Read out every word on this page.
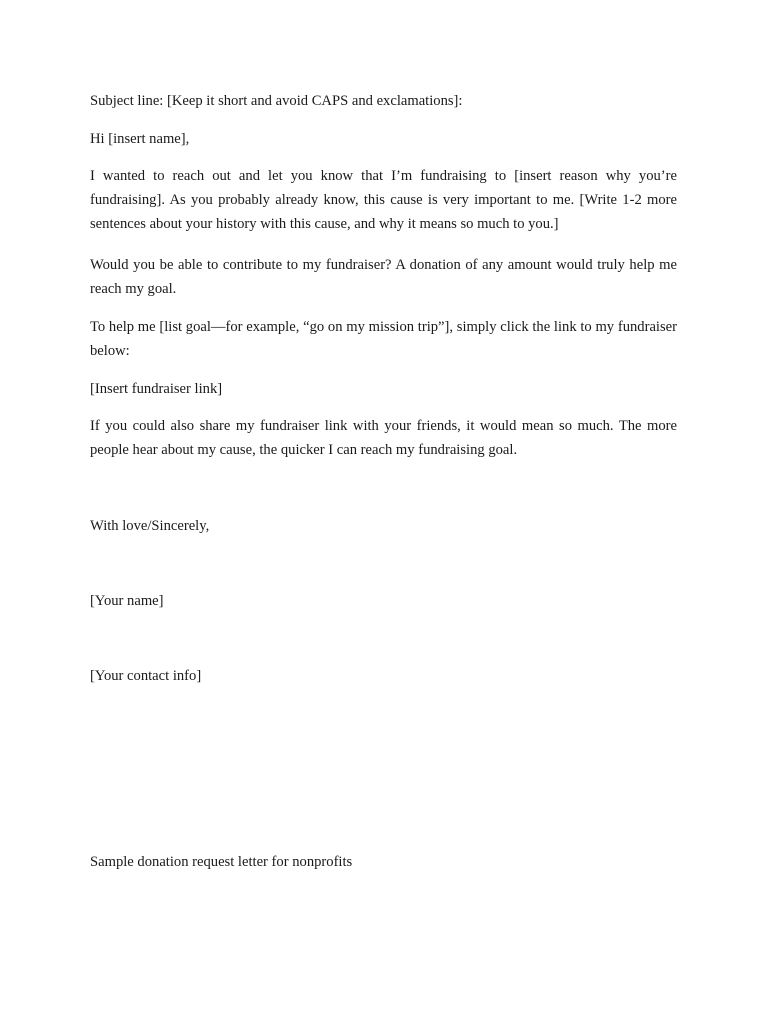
Subject line: [Keep it short and avoid CAPS and exclamations]:

Hi [insert name],

I wanted to reach out and let you know that I’m fundraising to [insert reason why you’re fundraising]. As you probably already know, this cause is very important to me. [Write 1-2 more sentences about your history with this cause, and why it means so much to you.]

Would you be able to contribute to my fundraiser? A donation of any amount would truly help me reach my goal.

To help me [list goal—for example, “go on my mission trip”], simply click the link to my fundraiser below:

[Insert fundraiser link]

If you could also share my fundraiser link with your friends, it would mean so much. The more people hear about my cause, the quicker I can reach my fundraising goal.

With love/Sincerely,

[Your name]

[Your contact info]

Sample donation request letter for nonprofits
